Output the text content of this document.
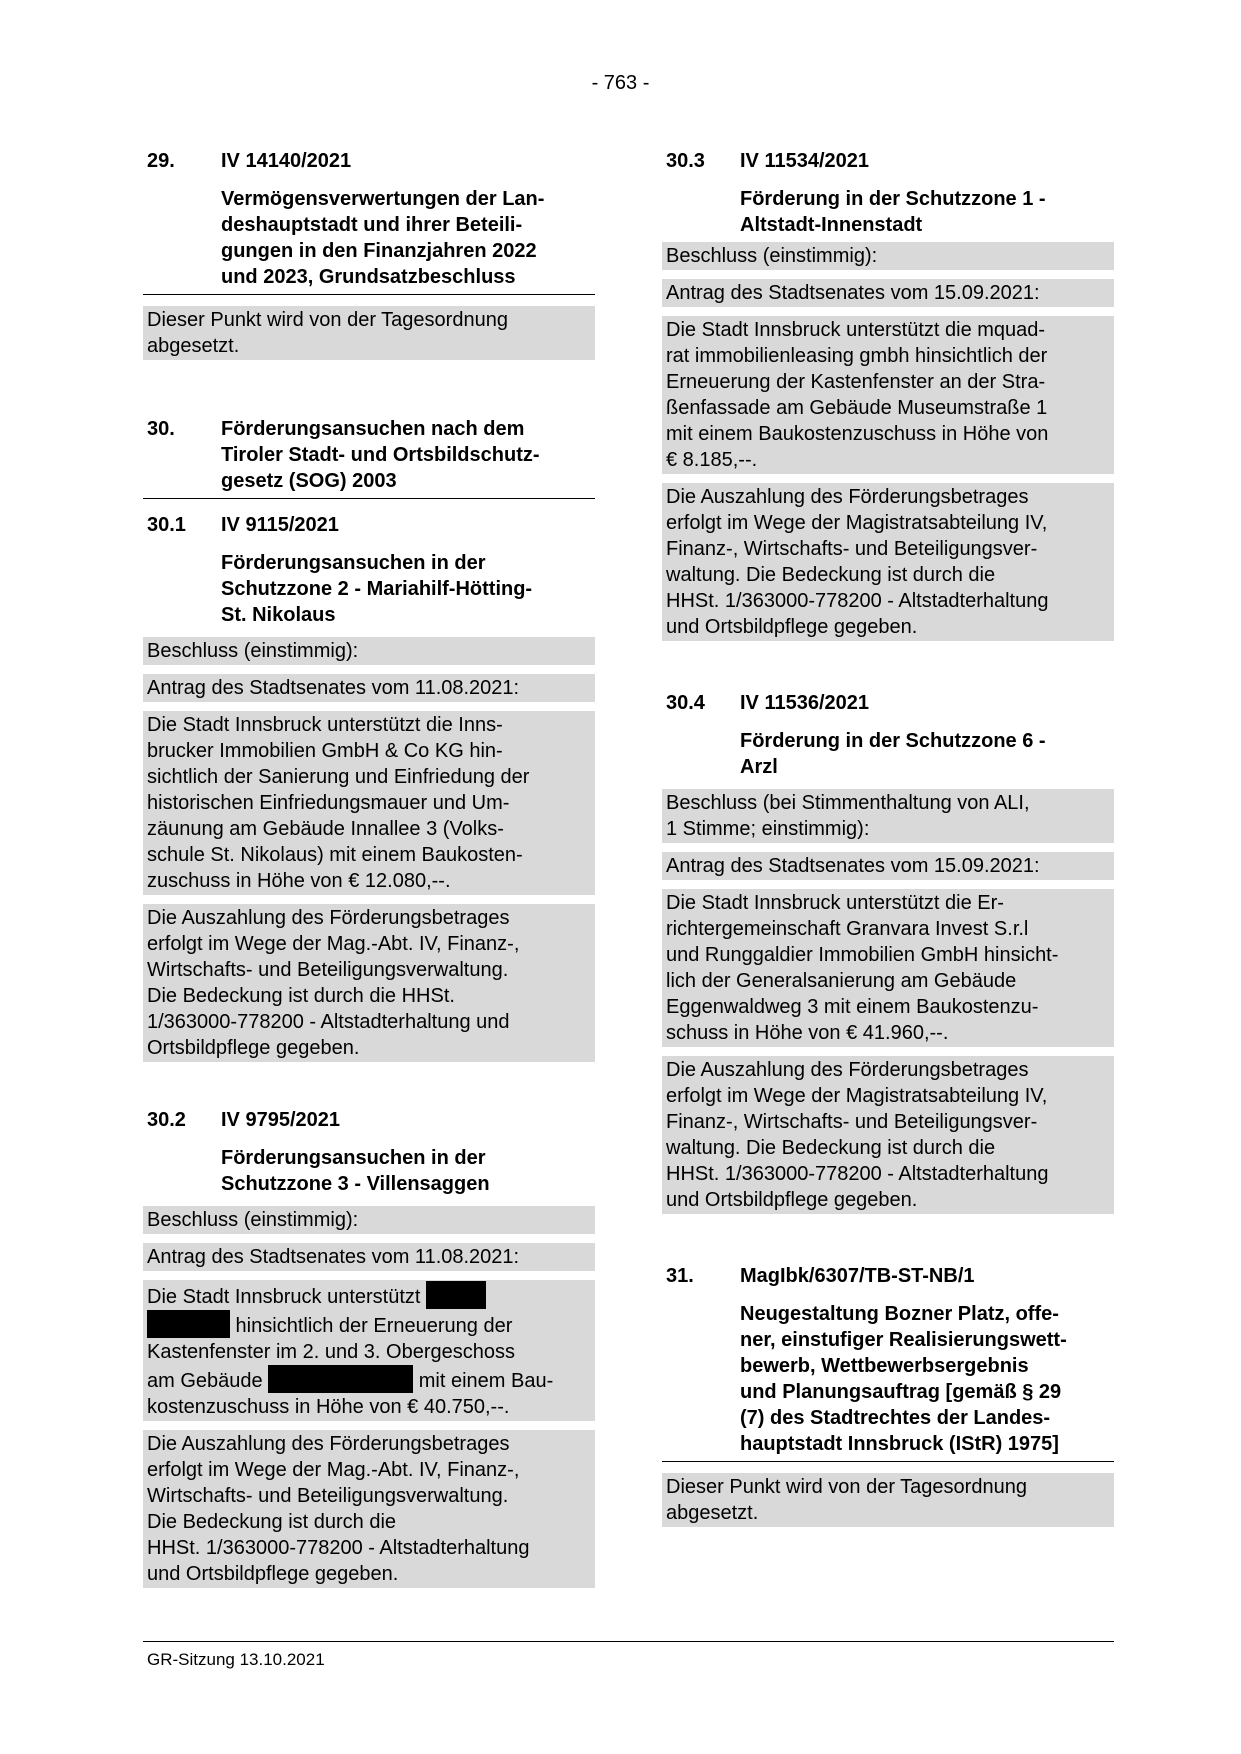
- 763 -
29.	IV 14140/2021
Vermögensverwertungen der Lan-
deshauptstadt und ihrer Beteili-
gungen in den Finanzjahren 2022
und 2023, Grundsatzbeschluss
Dieser Punkt wird von der Tagesordnung
abgesetzt.
30.	Förderungsansuchen nach dem
Tiroler Stadt- und Ortsbildschutz-
gesetz (SOG) 2003
30.1	IV 9115/2021
Förderungsansuchen in der
Schutzzone 2 - Mariahilf-Hötting-
St. Nikolaus
Beschluss (einstimmig):
Antrag des Stadtsenates vom 11.08.2021:
Die Stadt Innsbruck unterstützt die Inns-
brucker Immobilien GmbH & Co KG hin-
sichtlich der Sanierung und Einfriedung der
historischen Einfriedungsmauer und Um-
zäunung am Gebäude Innallee 3 (Volks-
schule St. Nikolaus) mit einem Baukosten-
zuschuss in Höhe von € 12.080,--.
Die Auszahlung des Förderungsbetrages
erfolgt im Wege der Mag.-Abt. IV, Finanz-,
Wirtschafts- und Beteiligungsverwaltung.
Die Bedeckung ist durch die HHSt.
1/363000-778200 - Altstadterhaltung und
Ortsbildpflege gegeben.
30.2	IV 9795/2021
Förderungsansuchen in der
Schutzzone 3 - Villensaggen
Beschluss (einstimmig):
Antrag des Stadtsenates vom 11.08.2021:
Die Stadt Innsbruck unterstützt
hinsichtlich der Erneuerung der
Kastenfenster im 2. und 3. Obergeschoss
am Gebäude	mit einem Bau-
kostenzuschuss in Höhe von € 40.750,--.
Die Auszahlung des Förderungsbetrages
erfolgt im Wege der Mag.-Abt. IV, Finanz-,
Wirtschafts- und Beteiligungsverwaltung.
Die Bedeckung ist durch die
HHSt. 1/363000-778200 - Altstadterhaltung
und Ortsbildpflege gegeben.
30.3	IV 11534/2021
Förderung in der Schutzzone 1 -
Altstadt-Innenstadt
Beschluss (einstimmig):
Antrag des Stadtsenates vom 15.09.2021:
Die Stadt Innsbruck unterstützt die mquad-
rat immobilienleasing gmbh hinsichtlich der
Erneuerung der Kastenfenster an der Stra-
ßenfassade am Gebäude Museumstraße 1
mit einem Baukostenzuschuss in Höhe von
€ 8.185,--.
Die Auszahlung des Förderungsbetrages
erfolgt im Wege der Magistratsabteilung IV,
Finanz-, Wirtschafts- und Beteiligungsver-
waltung. Die Bedeckung ist durch die
HHSt. 1/363000-778200 - Altstadterhaltung
und Ortsbildpflege gegeben.
30.4	IV 11536/2021
Förderung in der Schutzzone 6 -
Arzl
Beschluss (bei Stimmenthaltung von ALI,
1 Stimme; einstimmig):
Antrag des Stadtsenates vom 15.09.2021:
Die Stadt Innsbruck unterstützt die Er-
richtergemeinschaft Granvara Invest S.r.l
und Runggaldier Immobilien GmbH hinsicht-
lich der Generalsanierung am Gebäude
Eggenwaldweg 3 mit einem Baukostenzu-
schuss in Höhe von € 41.960,--.
Die Auszahlung des Förderungsbetrages
erfolgt im Wege der Magistratsabteilung IV,
Finanz-, Wirtschafts- und Beteiligungsver-
waltung. Die Bedeckung ist durch die
HHSt. 1/363000-778200 - Altstadterhaltung
und Ortsbildpflege gegeben.
31.	MagIbk/6307/TB-ST-NB/1
Neugestaltung Bozner Platz, offe-
ner, einstufiger Realisierungswett-
bewerb, Wettbewerbsergebnis
und Planungsauftrag [gemäß § 29
(7) des Stadtrechtes der Landes-
hauptstadt Innsbruck (IStR) 1975]
Dieser Punkt wird von der Tagesordnung
abgesetzt.
GR-Sitzung 13.10.2021
